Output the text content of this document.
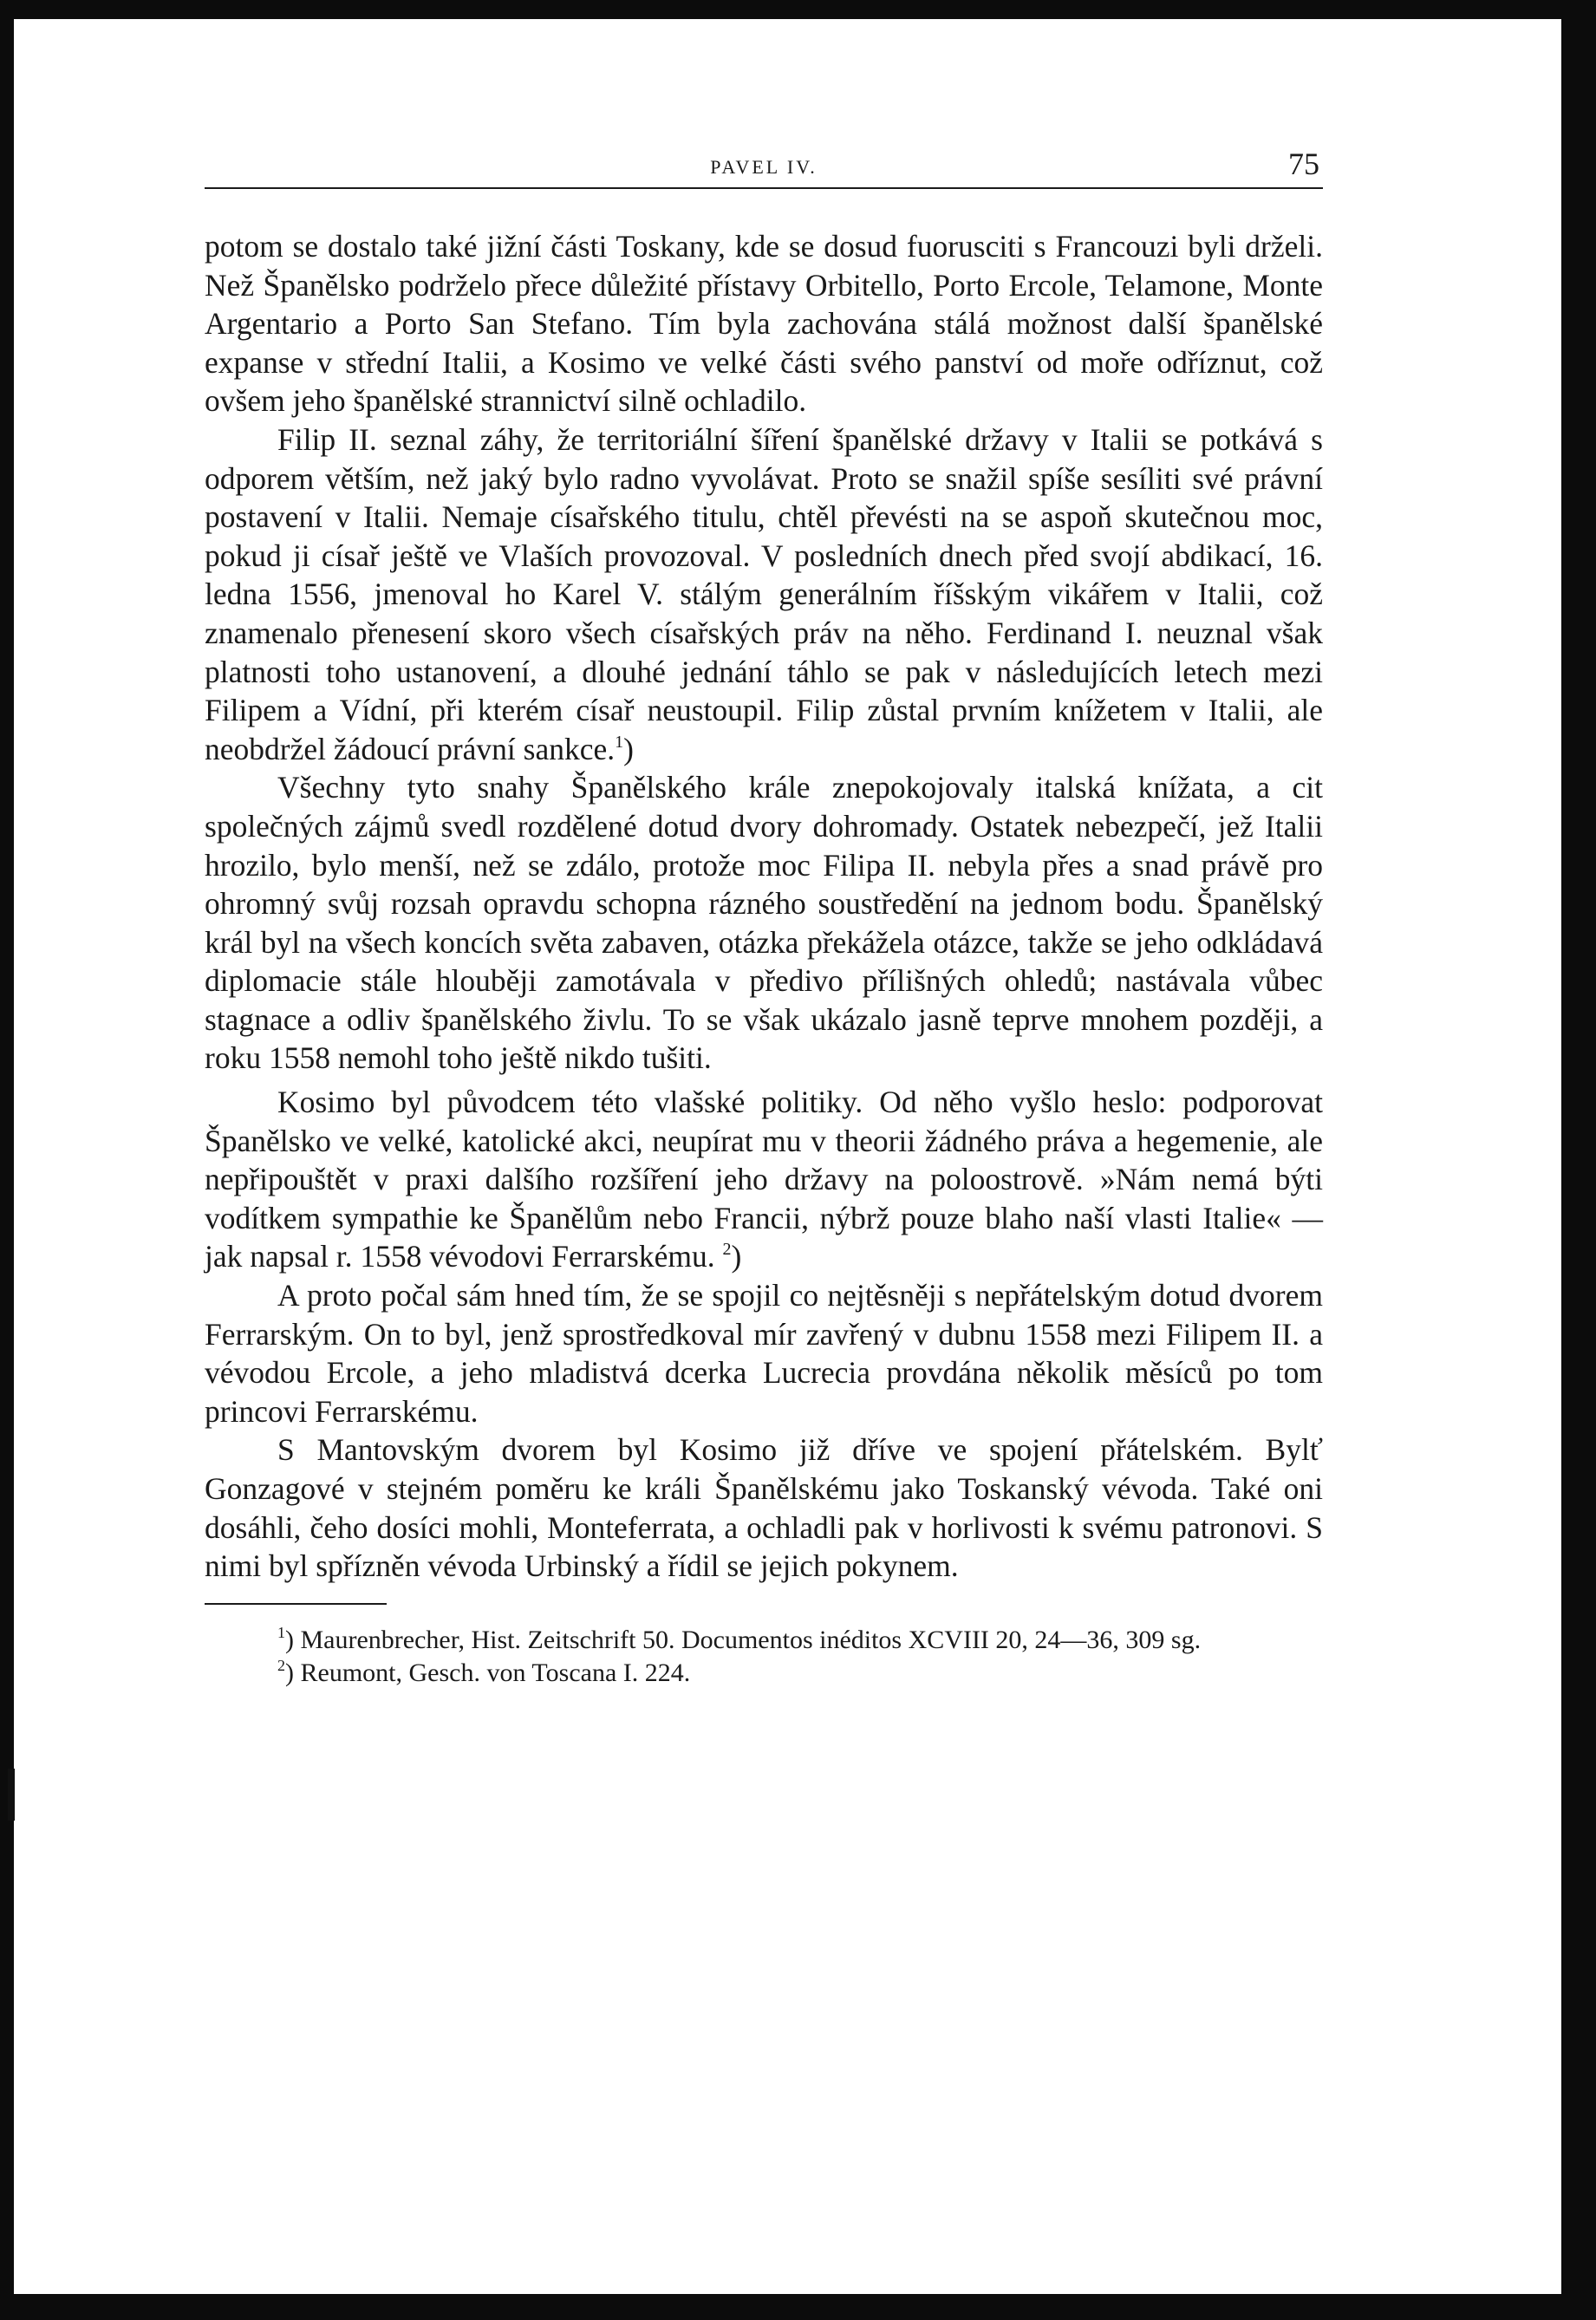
PAVEL IV.	75

potom se dostalo také jižní části Toskany, kde se dosud fuorusciti s Francouzi byli drželi. Než Španělsko podrželo přece důležité přístavy Orbitello, Porto Ercole, Telamone, Monte Argentario a Porto San Stefano. Tím byla zachována stálá možnost další španělské expanse v střední Italii, a Kosimo ve velké části svého panství od moře odříznut, což ovšem jeho španělské strannictví silně ochladilo.

Filip II. seznal záhy, že territoriální šíření španělské državy v Italii se potkává s odporem větším, než jaký bylo radno vyvolávat. Proto se snažil spíše sesíliti své právní postavení v Italii. Nemaje císařského titulu, chtěl převésti na se aspoň skutečnou moc, pokud ji císař ještě ve Vlaších provozoval. V posledních dnech před svojí abdikací, 16. ledna 1556, jmenoval ho Karel V. stálým generálním říšským vikářem v Italii, což znamenalo přenesení skoro všech císařských práv na něho. Ferdinand I. neuznal však platnosti toho ustanovení, a dlouhé jednání táhlo se pak v následujících letech mezi Filipem a Vídní, při kterém císař neustoupil. Filip zůstal prvním knížetem v Italii, ale neobdržel žádoucí právní sankce.$^1$)

Všechny tyto snahy Španělského krále znepokojovaly italská knížata, a cit společných zájmů svedl rozdělené dotud dvory dohromady. Ostatek nebezpečí, jež Italii hrozilo, bylo menší, než se zdálo, protože moc Filipa II. nebyla přes a snad právě pro ohromný svůj rozsah opravdu schopna rázného soustředění na jednom bodu. Španělský král byl na všech koncích světa zabaven, otázka překážela otázce, takže se jeho odkládavá diplomacie stále hlouběji zamotávala v předivo přílišných ohledů; nastávala vůbec stagnace a odliv španělského živlu. To se však ukázalo jasně teprve mnohem později, a roku 1558 nemohl toho ještě nikdo tušiti.

Kosimo byl původcem této vlašské politiky. Od něho vyšlo heslo: podporovat Španělsko ve velké, katolické akci, neupírat mu v theorii žádného práva a hegemenie, ale nepřipouštět v praxi dalšího rozšíření jeho državy na poloostrově. »Nám nemá býti vodítkem sympathie ke Španělům nebo Francii, nýbrž pouze blaho naší vlasti Italie« — jak napsal r. 1558 vévodovi Ferrarskému. $^2$)

A proto počal sám hned tím, že se spojil co nejtěsněji s nepřátelským dotud dvorem Ferrarským. On to byl, jenž sprostředkoval mír zavřený v dubnu 1558 mezi Filipem II. a vévodou Ercole, a jeho mladistvá dcerka Lucrecia provdána několik měsíců po tom princovi Ferrarskému.

S Mantovským dvorem byl Kosimo již dříve ve spojení přátelském. Bylť Gonzagové v stejném poměru ke králi Španělskému jako Toskanský vévoda. Také oni dosáhli, čeho dosíci mohli, Monteferrata, a ochladli pak v horlivosti k svému patronovi. S nimi byl spřízněn vévoda Urbinský a řídil se jejich pokynem.

$^1$) Maurenbrecher, Hist. Zeitschrift 50. Documentos inéditos XCVIII 20, 24—36, 309 sg.

$^2$) Reumont, Gesch. von Toscana I. 224.
